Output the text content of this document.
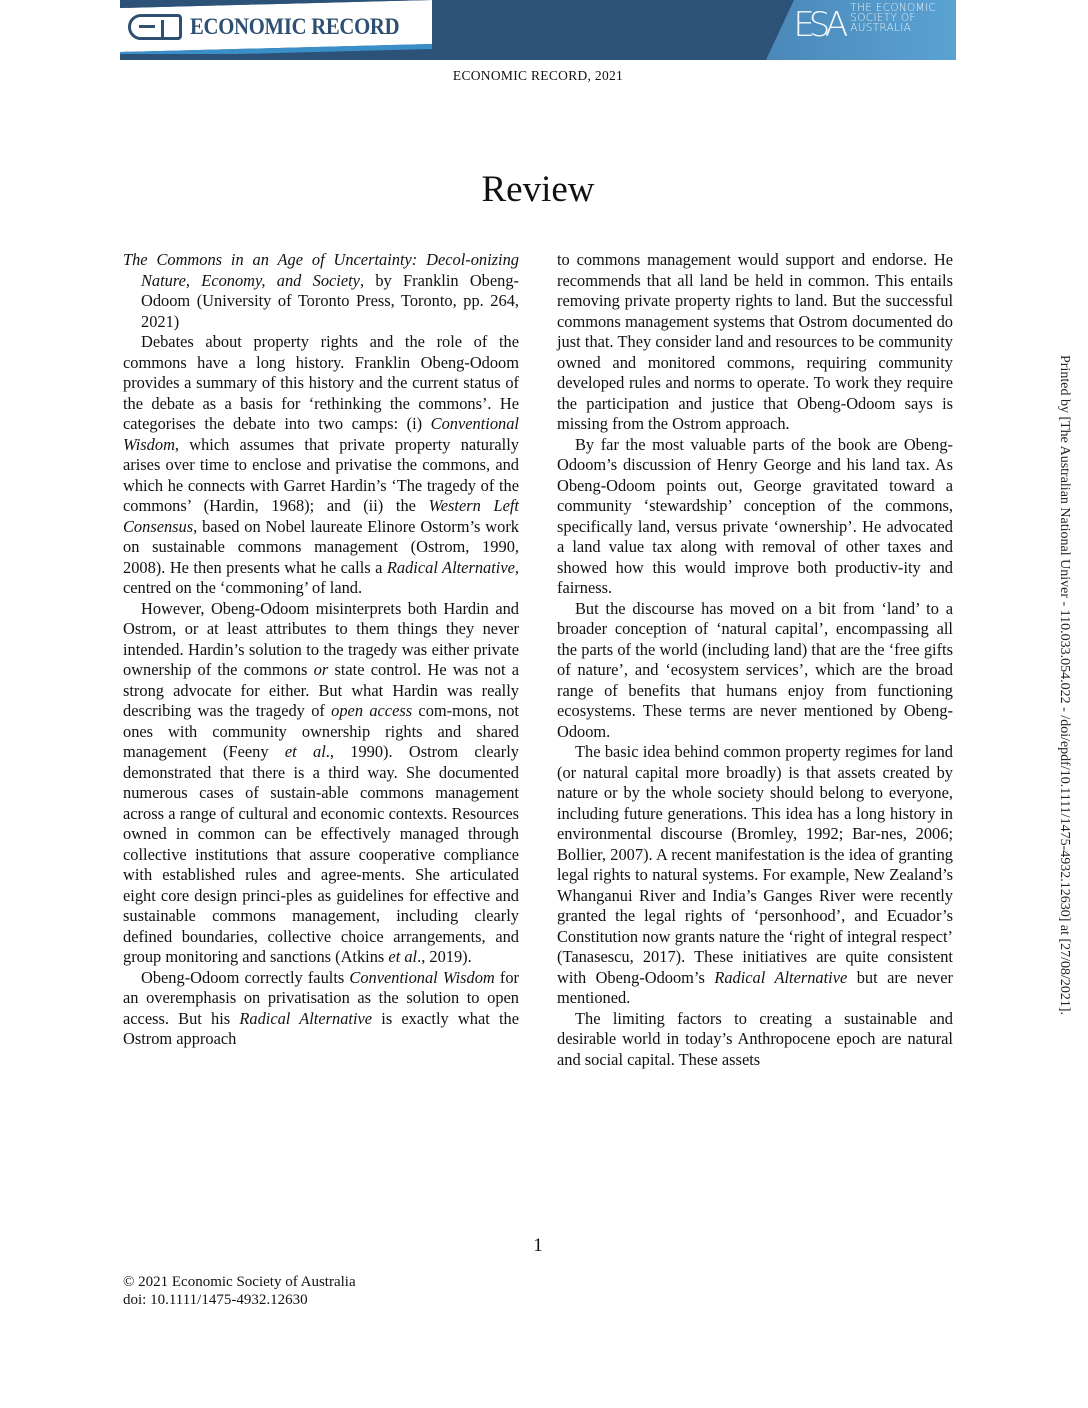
ECONOMIC RECORD	ESA THE ECONOMIC
SOCIETY OF
AUSTRALIA
ECONOMIC RECORD, 2021
Review

The Commons in an Age of Uncertainty: Decol-onizing Nature, Economy, and Society, by Franklin Obeng-Odoom (University of Toronto Press, Toronto, pp. 264, 2021)

Debates about property rights and the role of the commons have a long history. Franklin Obeng-Odoom provides a summary of this history and the current status of the debate as a basis for ‘rethinking the commons’. He categorises the debate into two camps: (i) Conventional Wisdom, which assumes that private property naturally arises over time to enclose and privatise the commons, and which he connects with Garret Hardin’s ‘The tragedy of the commons’ (Hardin, 1968); and (ii) the Western Left Consensus, based on Nobel laureate Elinore Ostorm’s work on sustainable commons management (Ostrom, 1990, 2008). He then presents what he calls a Radical Alternative, centred on the ‘commoning’ of land.

However, Obeng-Odoom misinterprets both Hardin and Ostrom, or at least attributes to them things they never intended. Hardin’s solution to the tragedy was either private ownership of the commons or state control. He was not a strong advocate for either. But what Hardin was really describing was the tragedy of open access com-mons, not ones with community ownership rights and shared management (Feeny et al., 1990). Ostrom clearly demonstrated that there is a third way. She documented numerous cases of sustain-able commons management across a range of cultural and economic contexts. Resources owned in common can be effectively managed through collective institutions that assure cooperative compliance with established rules and agree-ments. She articulated eight core design princi-ples as guidelines for effective and sustainable commons management, including clearly defined boundaries, collective choice arrangements, and group monitoring and sanctions (Atkins et al., 2019).

Obeng-Odoom correctly faults Conventional Wisdom for an overemphasis on privatisation as the solution to open access. But his Radical Alternative is exactly what the Ostrom approach

to commons management would support and endorse. He recommends that all land be held in common. This entails removing private property rights to land. But the successful commons management systems that Ostrom documented do just that. They consider land and resources to be community owned and monitored commons, requiring community developed rules and norms to operate. To work they require the participation and justice that Obeng-Odoom says is missing from the Ostrom approach.

By far the most valuable parts of the book are Obeng-Odoom’s discussion of Henry George and his land tax. As Obeng-Odoom points out, George gravitated toward a community ‘stewardship’ conception of the commons, specifically land, versus private ‘ownership’. He advocated a land value tax along with removal of other taxes and showed how this would improve both productiv-ity and fairness.

But the discourse has moved on a bit from ‘land’ to a broader conception of ‘natural capital’, encompassing all the parts of the world (including land) that are the ‘free gifts of nature’, and ‘ecosystem services’, which are the broad range of benefits that humans enjoy from functioning ecosystems. These terms are never mentioned by Obeng-Odoom.

The basic idea behind common property regimes for land (or natural capital more broadly) is that assets created by nature or by the whole society should belong to everyone, including future generations. This idea has a long history in environmental discourse (Bromley, 1992; Bar-nes, 2006; Bollier, 2007). A recent manifestation is the idea of granting legal rights to natural systems. For example, New Zealand’s Whanganui River and India’s Ganges River were recently granted the legal rights of ‘personhood’, and Ecuador’s Constitution now grants nature the ‘right of integral respect’ (Tanasescu, 2017). These initiatives are quite consistent with Obeng-Odoom’s Radical Alternative but are never mentioned.

The limiting factors to creating a sustainable and desirable world in today’s Anthropocene epoch are natural and social capital. These assets

1
© 2021 Economic Society of Australia
doi: 10.1111/1475-4932.12630
Printed by [The Australian National Univer - 110.033.054.022 - /doi/epdf/10.1111/1475-4932.12630] at [27/08/2021].
